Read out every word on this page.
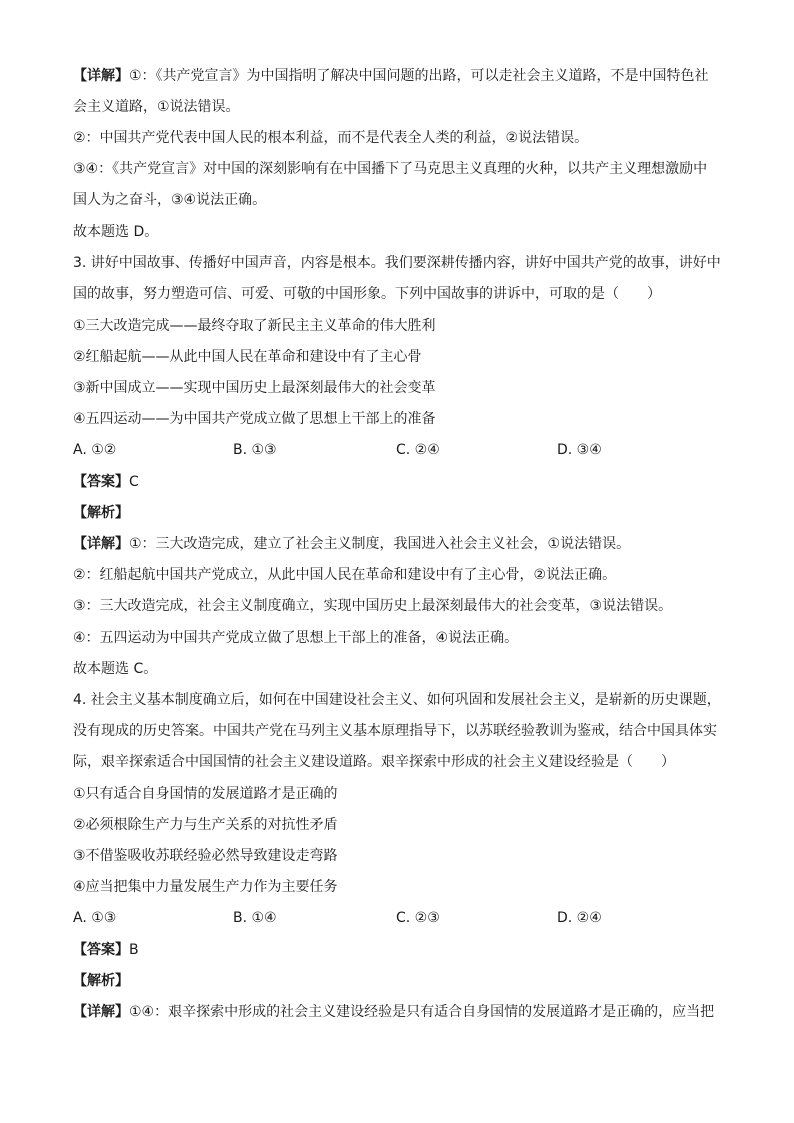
【详解】①：《共产党宣言》为中国指明了解决中国问题的出路，可以走社会主义道路，不是中国特色社
会主义道路，①说法错误。
②：中国共产党代表中国人民的根本利益，而不是代表全人类的利益，②说法错误。
③④：《共产党宣言》对中国的深刻影响有在中国播下了马克思主义真理的火种，以共产主义理想激励中
国人为之奋斗，③④说法正确。
故本题选 D。
3. 讲好中国故事、传播好中国声音，内容是根本。我们要深耕传播内容，讲好中国共产党的故事，讲好中
国的故事，努力塑造可信、可爱、可敬的中国形象。下列中国故事的讲诉中，可取的是（　　）
①三大改造完成——最终夺取了新民主主义革命的伟大胜利
②红船起航——从此中国人民在革命和建设中有了主心骨
③新中国成立——实现中国历史上最深刻最伟大的社会变革
④五四运动——为中国共产党成立做了思想上干部上的准备
A. ①②	B. ①③	C. ②④	D. ③④
【答案】C
【解析】
【详解】①：三大改造完成，建立了社会主义制度，我国进入社会主义社会，①说法错误。
②：红船起航中国共产党成立，从此中国人民在革命和建设中有了主心骨，②说法正确。
③：三大改造完成，社会主义制度确立，实现中国历史上最深刻最伟大的社会变革，③说法错误。
④：五四运动为中国共产党成立做了思想上干部上的准备，④说法正确。
故本题选 C。
4. 社会主义基本制度确立后，如何在中国建设社会主义、如何巩固和发展社会主义，是崭新的历史课题，
没有现成的历史答案。中国共产党在马列主义基本原理指导下，以苏联经验教训为鉴戒，结合中国具体实
际，艰辛探索适合中国国情的社会主义建设道路。艰辛探索中形成的社会主义建设经验是（　　）
①只有适合自身国情的发展道路才是正确的
②必须根除生产力与生产关系的对抗性矛盾
③不借鉴吸收苏联经验必然导致建设走弯路
④应当把集中力量发展生产力作为主要任务
A. ①③	B. ①④	C. ②③	D. ②④
【答案】B
【解析】
【详解】①④：艰辛探索中形成的社会主义建设经验是只有适合自身国情的发展道路才是正确的，应当把
